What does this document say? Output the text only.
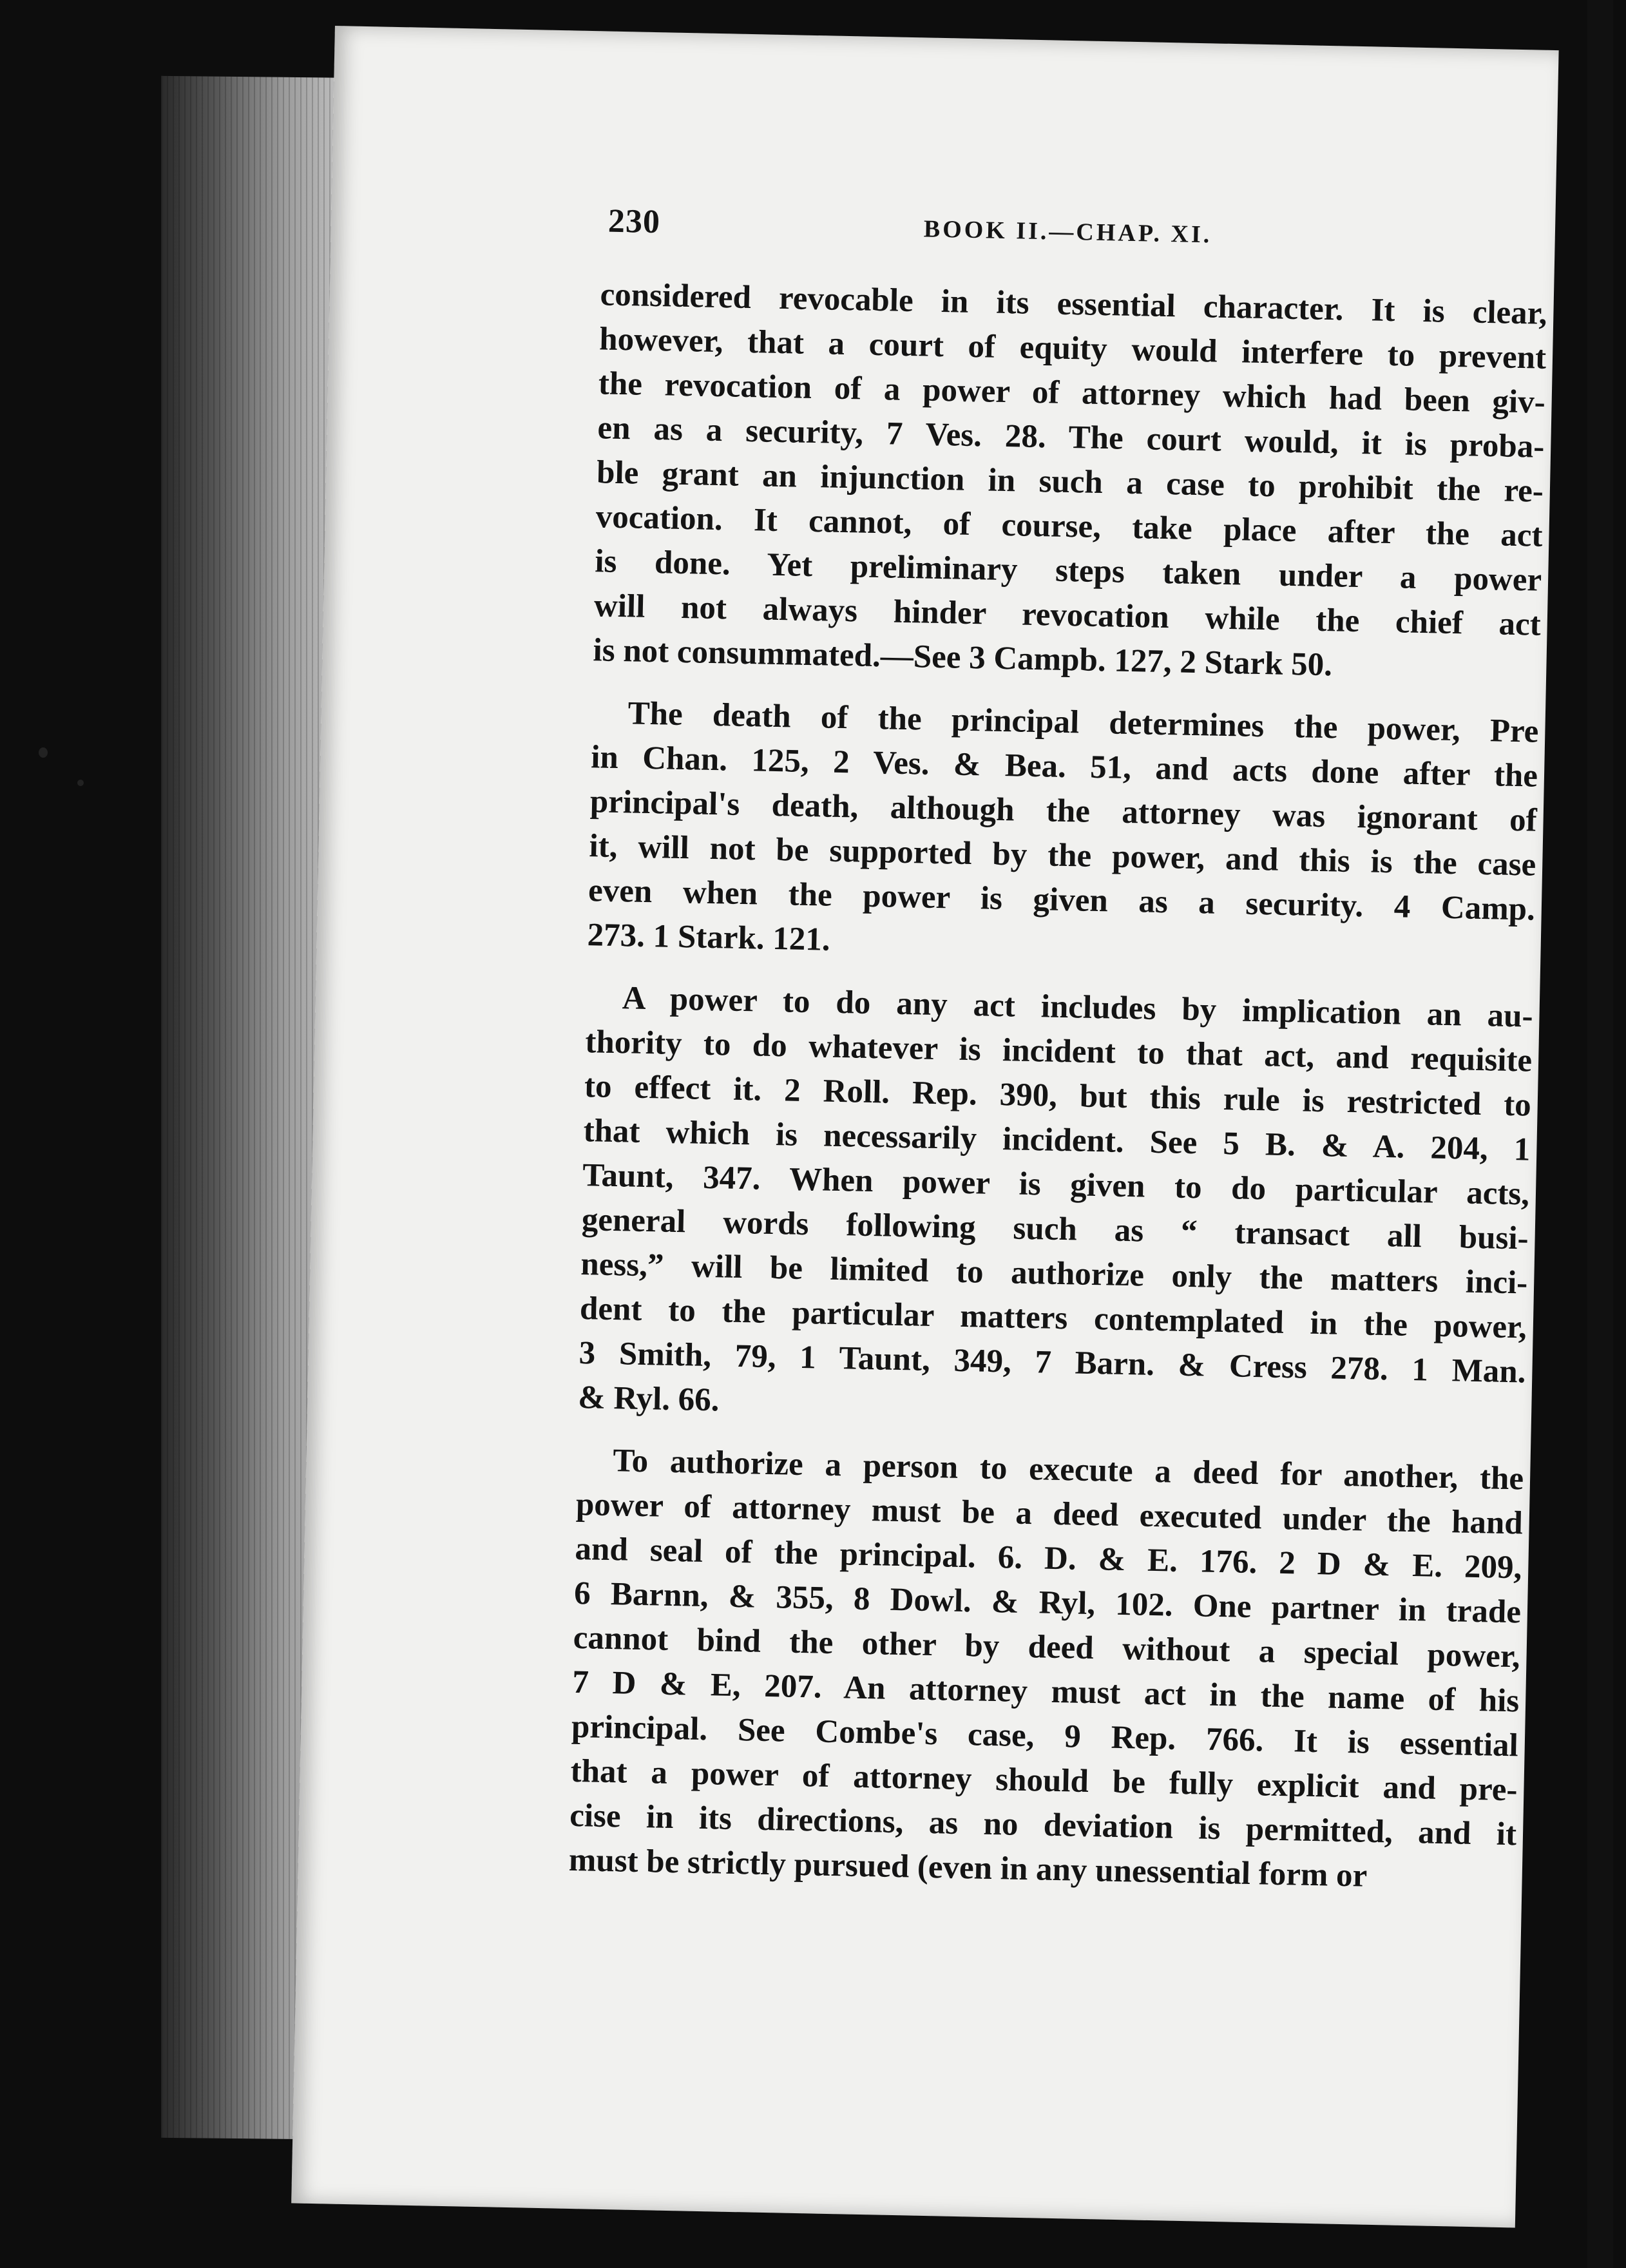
230	BOOK II.—CHAP. XI.
considered revocable in its essential character. It is clear,
however, that a court of equity would interfere to prevent
the revocation of a power of attorney which had been giv-
en as a security, 7 Ves. 28. The court would, it is proba-
ble grant an injunction in such a case to prohibit the re-
vocation. It cannot, of course, take place after the act
is done. Yet preliminary steps taken under a power
will not always hinder revocation while the chief act
is not consummated.—See 3 Campb. 127, 2 Stark 50.
The death of the principal determines the power, Pre
in Chan. 125, 2 Ves. & Bea. 51, and acts done after the
principal's death, although the attorney was ignorant of
it, will not be supported by the power, and this is the case
even when the power is given as a security. 4 Camp.
273. 1 Stark. 121.
A power to do any act includes by implication an au-
thority to do whatever is incident to that act, and requisite
to effect it. 2 Roll. Rep. 390, but this rule is restricted to
that which is necessarily incident. See 5 B. & A. 204, 1
Taunt, 347. When power is given to do particular acts,
general words following such as “ transact all busi-
ness,” will be limited to authorize only the matters inci-
dent to the particular matters contemplated in the power,
3 Smith, 79, 1 Taunt, 349, 7 Barn. & Cress 278. 1 Man.
& Ryl. 66.
To authorize a person to execute a deed for another, the
power of attorney must be a deed executed under the hand
and seal of the principal. 6. D. & E. 176. 2 D & E. 209,
6 Barnn, & 355, 8 Dowl. & Ryl, 102. One partner in trade
cannot bind the other by deed without a special power,
7 D & E, 207. An attorney must act in the name of his
principal. See Combe's case, 9 Rep. 766. It is essential
that a power of attorney should be fully explicit and pre-
cise in its directions, as no deviation is permitted, and it
must be strictly pursued (even in any unessential form or
